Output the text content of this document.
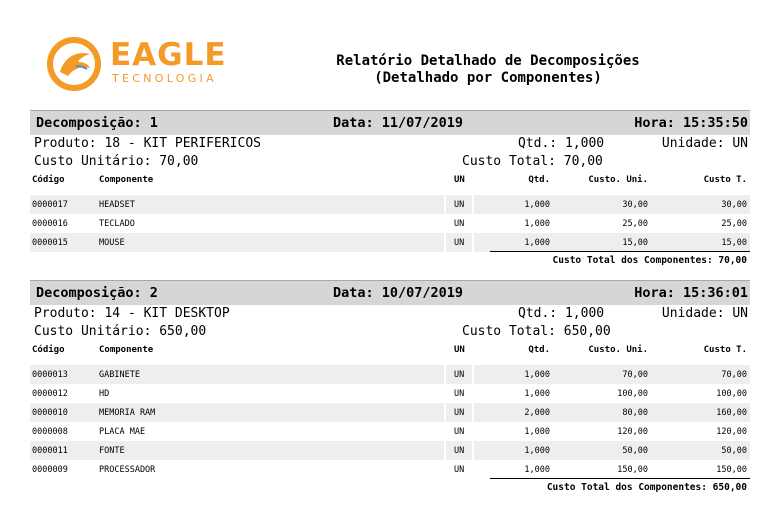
EAGLE
TECNOLOGIA
Relatório Detalhado de Decomposições
(Detalhado por Componentes)
Decomposição: 1	Data: 11/07/2019	Hora: 15:35:50
Produto: 18 - KIT PERIFERICOS	Qtd.: 1,000	Unidade: UN
Custo Unitário: 70,00	Custo Total: 70,00
Código	Componente	UN	Qtd.	Custo. Uni.	Custo T.
0000017	HEADSET	UN	1,000	30,00	30,00
0000016	TECLADO	UN	1,000	25,00	25,00
0000015	MOUSE	UN	1,000	15,00	15,00
Custo Total dos Componentes: 70,00
Decomposição: 2	Data: 10/07/2019	Hora: 15:36:01
Produto: 14 - KIT DESKTOP	Qtd.: 1,000	Unidade: UN
Custo Unitário: 650,00	Custo Total: 650,00
Código	Componente	UN	Qtd.	Custo. Uni.	Custo T.
0000013	GABINETE	UN	1,000	70,00	70,00
0000012	HD	UN	1,000	100,00	100,00
0000010	MEMORIA RAM	UN	2,000	80,00	160,00
0000008	PLACA MAE	UN	1,000	120,00	120,00
0000011	FONTE	UN	1,000	50,00	50,00
0000009	PROCESSADOR	UN	1,000	150,00	150,00
Custo Total dos Componentes: 650,00
